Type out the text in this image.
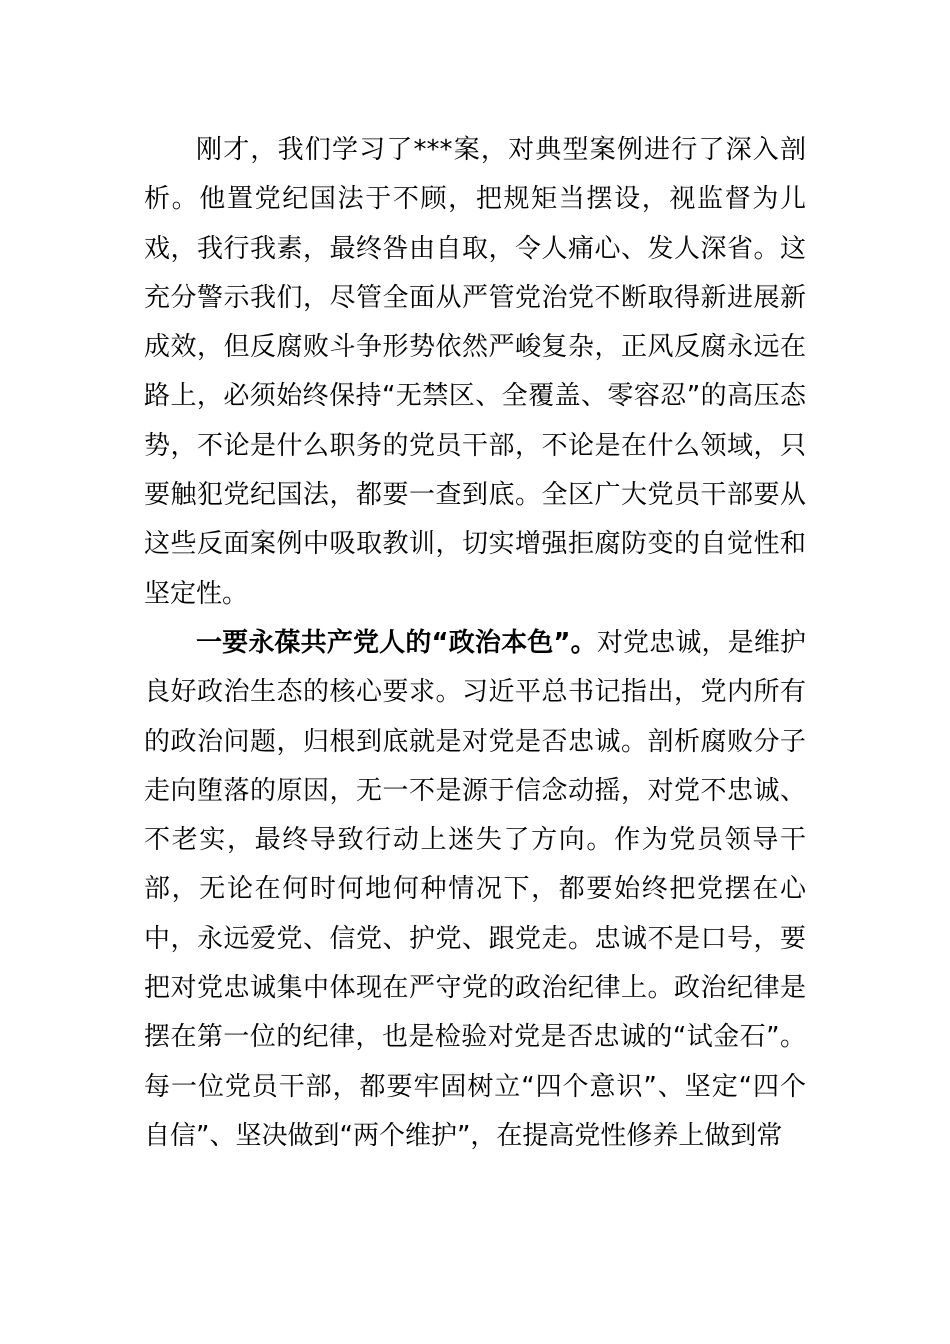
刚才，我们学习了***案，对典型案例进行了深入剖析。他置党纪国法于不顾，把规矩当摆设，视监督为儿戏，我行我素，最终咎由自取，令人痛心、发人深省。这充分警示我们，尽管全面从严管党治党不断取得新进展新成效，但反腐败斗争形势依然严峻复杂，正风反腐永远在路上，必须始终保持“无禁区、全覆盖、零容忍”的高压态势，不论是什么职务的党员干部，不论是在什么领域，只要触犯党纪国法，都要一查到底。全区广大党员干部要从这些反面案例中吸取教训，切实增强拒腐防变的自觉性和坚定性。

一要永葆共产党人的“政治本色”。对党忠诚，是维护良好政治生态的核心要求。习近平总书记指出，党内所有的政治问题，归根到底就是对党是否忠诚。剖析腐败分子走向堕落的原因，无一不是源于信念动摇，对党不忠诚、不老实，最终导致行动上迷失了方向。作为党员领导干部，无论在何时何地何种情况下，都要始终把党摆在心中，永远爱党、信党、护党、跟党走。忠诚不是口号，要把对党忠诚集中体现在严守党的政治纪律上。政治纪律是摆在第一位的纪律，也是检验对党是否忠诚的“试金石”。每一位党员干部，都要牢固树立“四个意识”、坚定“四个自信”、坚决做到“两个维护”，在提高党性修养上做到常
